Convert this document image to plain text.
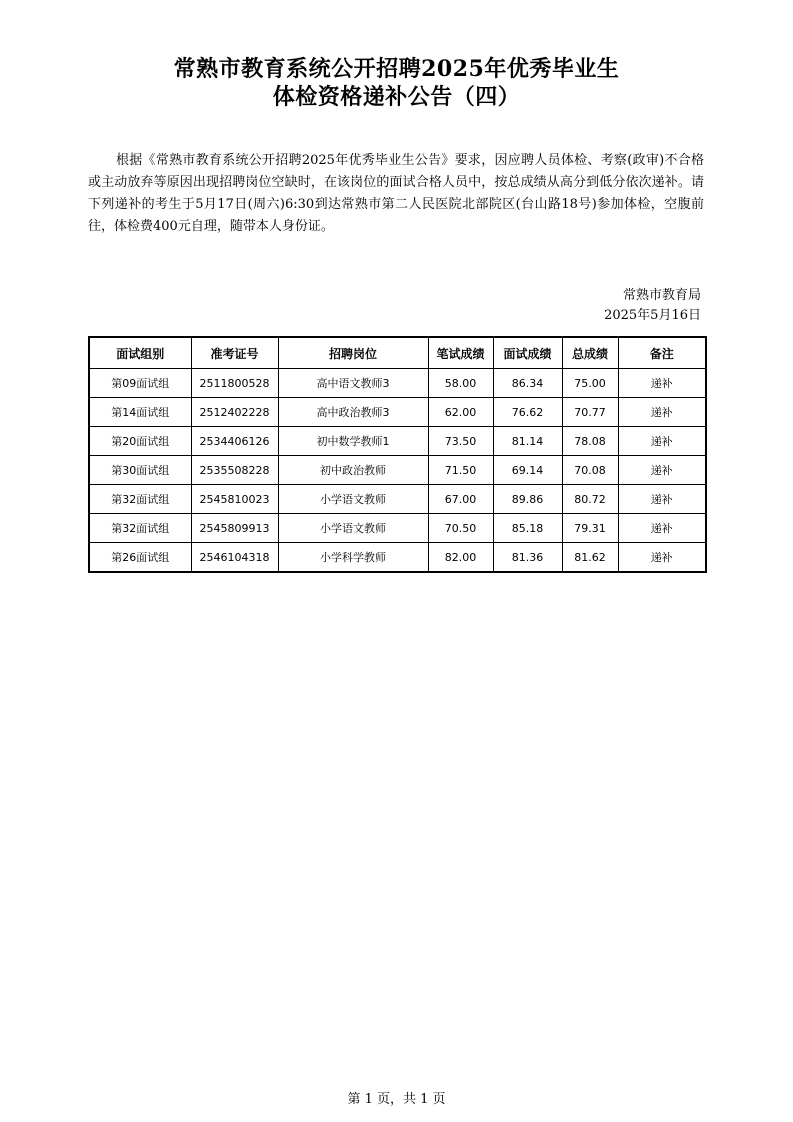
常熟市教育系统公开招聘2025年优秀毕业生
体检资格递补公告（四）
根据《常熟市教育系统公开招聘2025年优秀毕业生公告》要求，因应聘人员体检、考察(政审)不合格或主动放弃等原因出现招聘岗位空缺时，在该岗位的面试合格人员中，按总成绩从高分到低分依次递补。请下列递补的考生于5月17日(周六)6:30到达常熟市第二人民医院北部院区(台山路18号)参加体检，空腹前往，体检费400元自理，随带本人身份证。
常熟市教育局
2025年5月16日
面试组别	准考证号	招聘岗位	笔试成绩	面试成绩	总成绩	备注
第09面试组	2511800528	高中语文教师3	58.00	86.34	75.00	递补
第14面试组	2512402228	高中政治教师3	62.00	76.62	70.77	递补
第20面试组	2534406126	初中数学教师1	73.50	81.14	78.08	递补
第30面试组	2535508228	初中政治教师	71.50	69.14	70.08	递补
第32面试组	2545810023	小学语文教师	67.00	89.86	80.72	递补
第32面试组	2545809913	小学语文教师	70.50	85.18	79.31	递补
第26面试组	2546104318	小学科学教师	82.00	81.36	81.62	递补
第 1 页，共 1 页
